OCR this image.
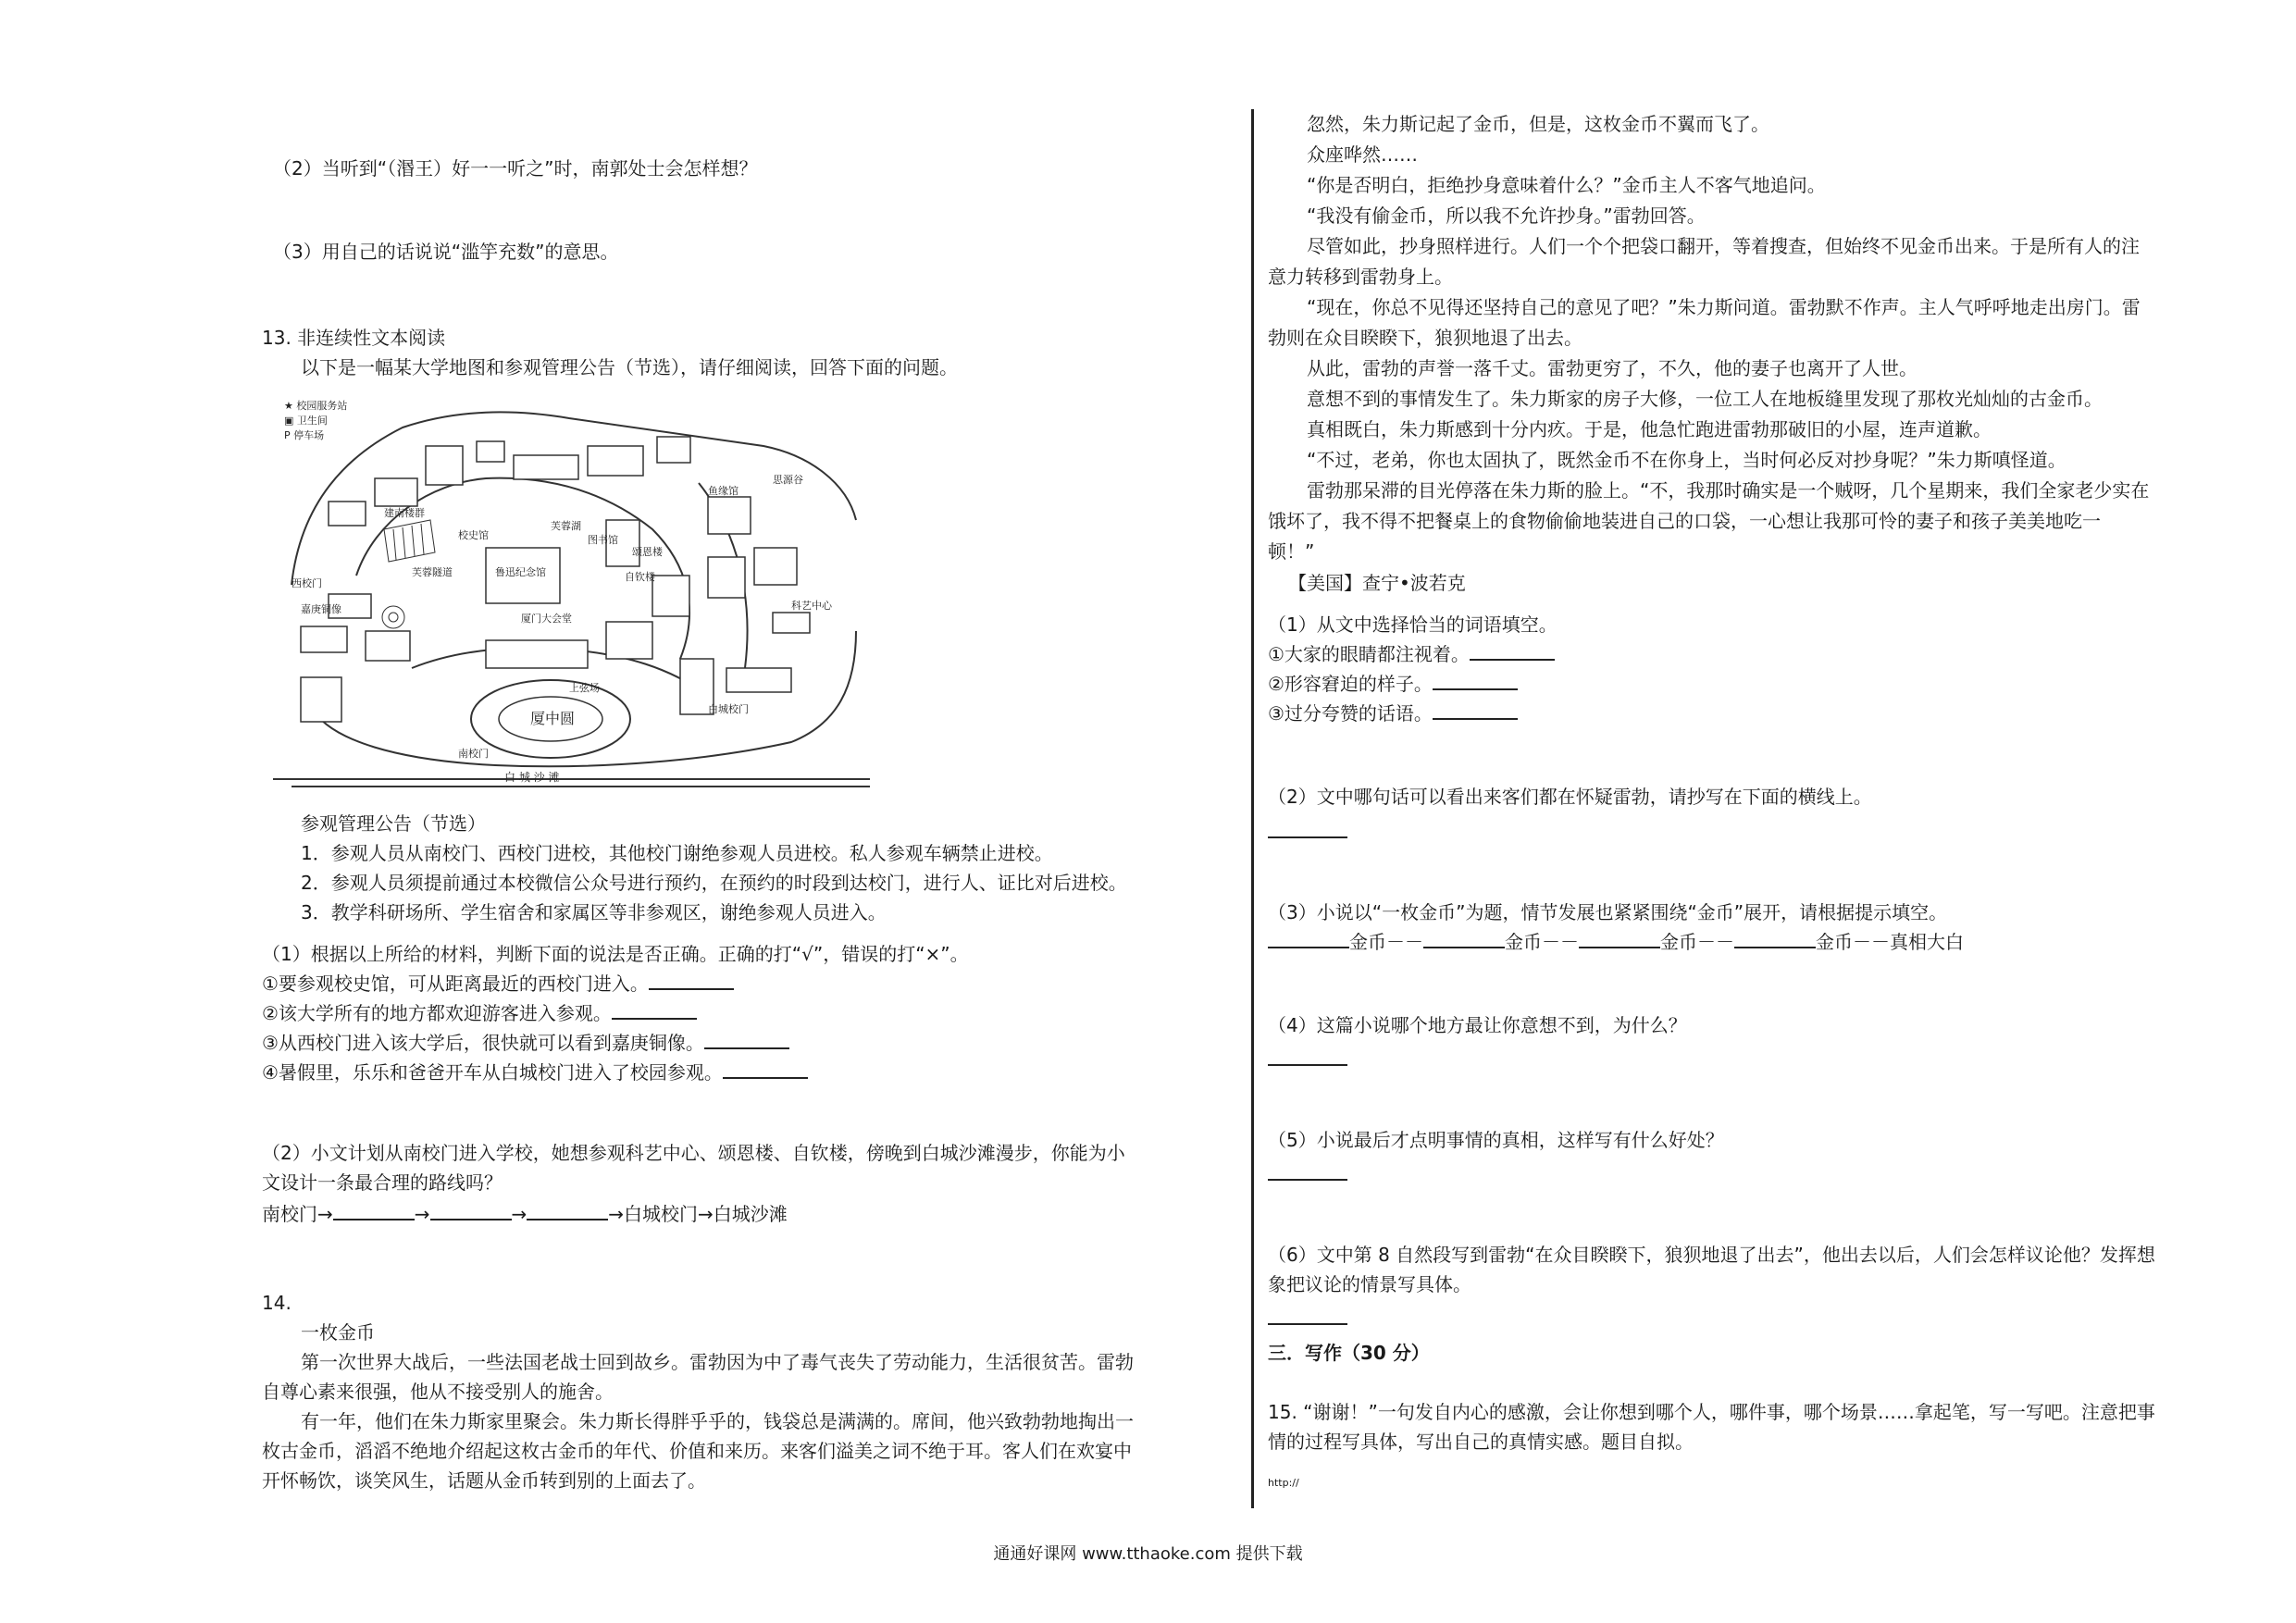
（2）当听到“（湣王）好一一听之”时，南郭处士会怎样想？
（3）用自己的话说说“滥竽充数”的意思。
13. 非连续性文本阅读
以下是一幅某大学地图和参观管理公告（节选），请仔细阅读，回答下面的问题。
★ 校园服务站
▣ 卫生间
P 停车场
图书馆
厦门大会堂
上弦场
厦中圆
校史馆
芙蓉湖
鲁迅纪念馆	自钦楼
颂恩楼
西校门
嘉庚铜像
白城校门
南校门
白 城 沙 滩
科艺中心
思源谷
建南楼群
芙蓉隧道
鱼缘馆
参观管理公告（节选）
1．参观人员从南校门、西校门进校，其他校门谢绝参观人员进校。私人参观车辆禁止进校。
2．参观人员须提前通过本校微信公众号进行预约，在预约的时段到达校门，进行人、证比对后进校。
3．教学科研场所、学生宿舍和家属区等非参观区，谢绝参观人员进入。
（1）根据以上所给的材料，判断下面的说法是否正确。正确的打“√”，错误的打“×”。
①要参观校史馆，可从距离最近的西校门进入。
②该大学所有的地方都欢迎游客进入参观。
③从西校门进入该大学后，很快就可以看到嘉庚铜像。
④暑假里，乐乐和爸爸开车从白城校门进入了校园参观。
（2）小文计划从南校门进入学校，她想参观科艺中心、颂恩楼、自钦楼，傍晚到白城沙滩漫步，你能为小
文设计一条最合理的路线吗？
南校门→	→	→	→白城校门→白城沙滩
14.
一枚金币
第一次世界大战后，一些法国老战士回到故乡。雷勃因为中了毒气丧失了劳动能力，生活很贫苦。雷勃
自尊心素来很强，他从不接受别人的施舍。
有一年，他们在朱力斯家里聚会。朱力斯长得胖乎乎的，钱袋总是满满的。席间，他兴致勃勃地掏出一
枚古金币，滔滔不绝地介绍起这枚古金币的年代、价值和来历。来客们溢美之词不绝于耳。客人们在欢宴中
开怀畅饮，谈笑风生，话题从金币转到别的上面去了。
忽然，朱力斯记起了金币，但是，这枚金币不翼而飞了。
众座哗然……
“你是否明白，拒绝抄身意味着什么？”金币主人不客气地追问。
“我没有偷金币，所以我不允许抄身。”雷勃回答。
尽管如此，抄身照样进行。人们一个个把袋口翻开，等着搜查，但始终不见金币出来。于是所有人的注
意力转移到雷勃身上。
“现在，你总不见得还坚持自己的意见了吧？”朱力斯问道。雷勃默不作声。主人气呼呼地走出房门。雷
勃则在众目睽睽下，狼狈地退了出去。
从此，雷勃的声誉一落千丈。雷勃更穷了，不久，他的妻子也离开了人世。
意想不到的事情发生了。朱力斯家的房子大修，一位工人在地板缝里发现了那枚光灿灿的古金币。
真相既白，朱力斯感到十分内疚。于是，他急忙跑进雷勃那破旧的小屋，连声道歉。
“不过，老弟，你也太固执了，既然金币不在你身上，当时何必反对抄身呢？”朱力斯嗔怪道。
雷勃那呆滞的目光停落在朱力斯的脸上。“不，我那时确实是一个贼呀，几个星期来，我们全家老少实在
饿坏了，我不得不把餐桌上的食物偷偷地装进自己的口袋，一心想让我那可怜的妻子和孩子美美地吃一
顿！”
【美国】查宁•波若克
（1）从文中选择恰当的词语填空。
①大家的眼睛都注视着。
②形容窘迫的样子。
③过分夸赞的话语。
（2）文中哪句话可以看出来客们都在怀疑雷勃，请抄写在下面的横线上。
（3）小说以“一枚金币”为题，情节发展也紧紧围绕“金币”展开，请根据提示填空。
金币－－	金币－－	金币－－	金币－－真相大白
（4）这篇小说哪个地方最让你意想不到，为什么？
（5）小说最后才点明事情的真相，这样写有什么好处？
（6）文中第 8 自然段写到雷勃“在众目睽睽下，狼狈地退了出去”，他出去以后，人们会怎样议论他？发挥想
象把议论的情景写具体。
三．写作（30 分）
15. “谢谢！”一句发自内心的感激，会让你想到哪个人，哪件事，哪个场景……拿起笔，写一写吧。注意把事
情的过程写具体，写出自己的真情实感。题目自拟。
http://
通通好课网 www.tthaoke.com 提供下载
